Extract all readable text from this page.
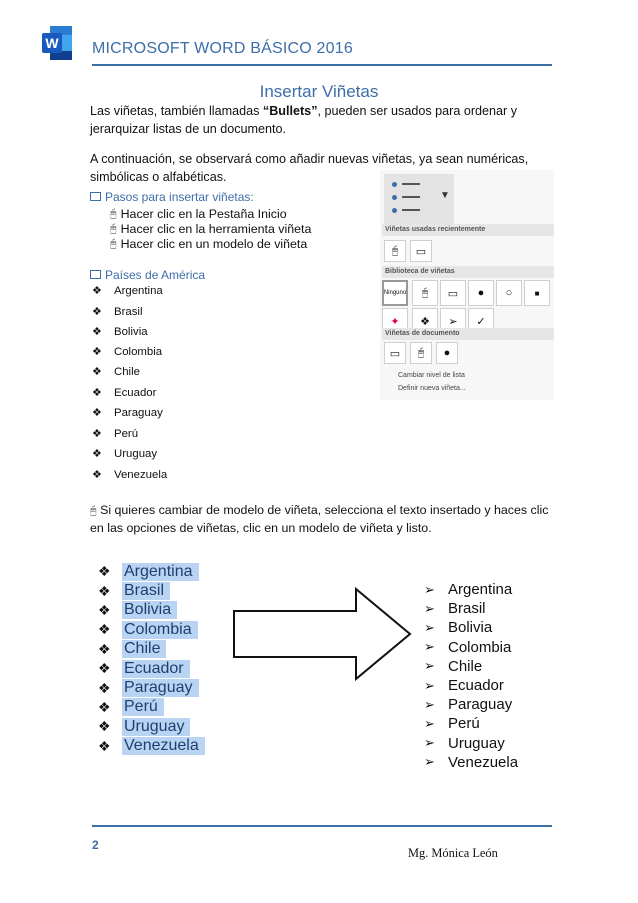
W MICROSOFT WORD BÁSICO 2016
Insertar Viñetas
Las viñetas, también llamadas “Bullets”, pueden ser usados para ordenar y jerarquizar listas de un documento.
A continuación, se observará como añadir nuevas viñetas, ya sean numéricas, simbólicas o alfabéticas.
Pasos para insertar viñetas:
🖰 Hacer clic en la Pestaña Inicio
🖰 Hacer clic en la herramienta viñeta
🖰 Hacer clic en un modelo de viñeta
Países de América
❖	Argentina
❖	Brasil
❖	Bolivia
❖	Colombia
❖	Chile
❖	Ecuador
❖	Paraguay
❖	Perú
❖	Uruguay
❖	Venezuela
▼
Viñetas usadas recientemente
🖰	▭
Biblioteca de viñetas
Ninguno	🖰	▭	●	○	■
✦	❖	➢	✓
Viñetas de documento
▭	🖰	●
Cambiar nivel de lista
Definir nueva viñeta...
🖰 Si quieres cambiar de modelo de viñeta, selecciona el texto insertado y haces clic en las opciones de viñetas, clic en un modelo de viñeta y listo.
❖ Argentina
❖ Brasil
❖ Bolivia
❖ Colombia
❖ Chile
❖ Ecuador
❖ Paraguay
❖ Perú
❖ Uruguay
❖ Venezuela
➢ Argentina
➢ Brasil
➢ Bolivia
➢ Colombia
➢ Chile
➢ Ecuador
➢ Paraguay
➢ Perú
➢ Uruguay
➢ Venezuela
2
Mg. Mónica León
